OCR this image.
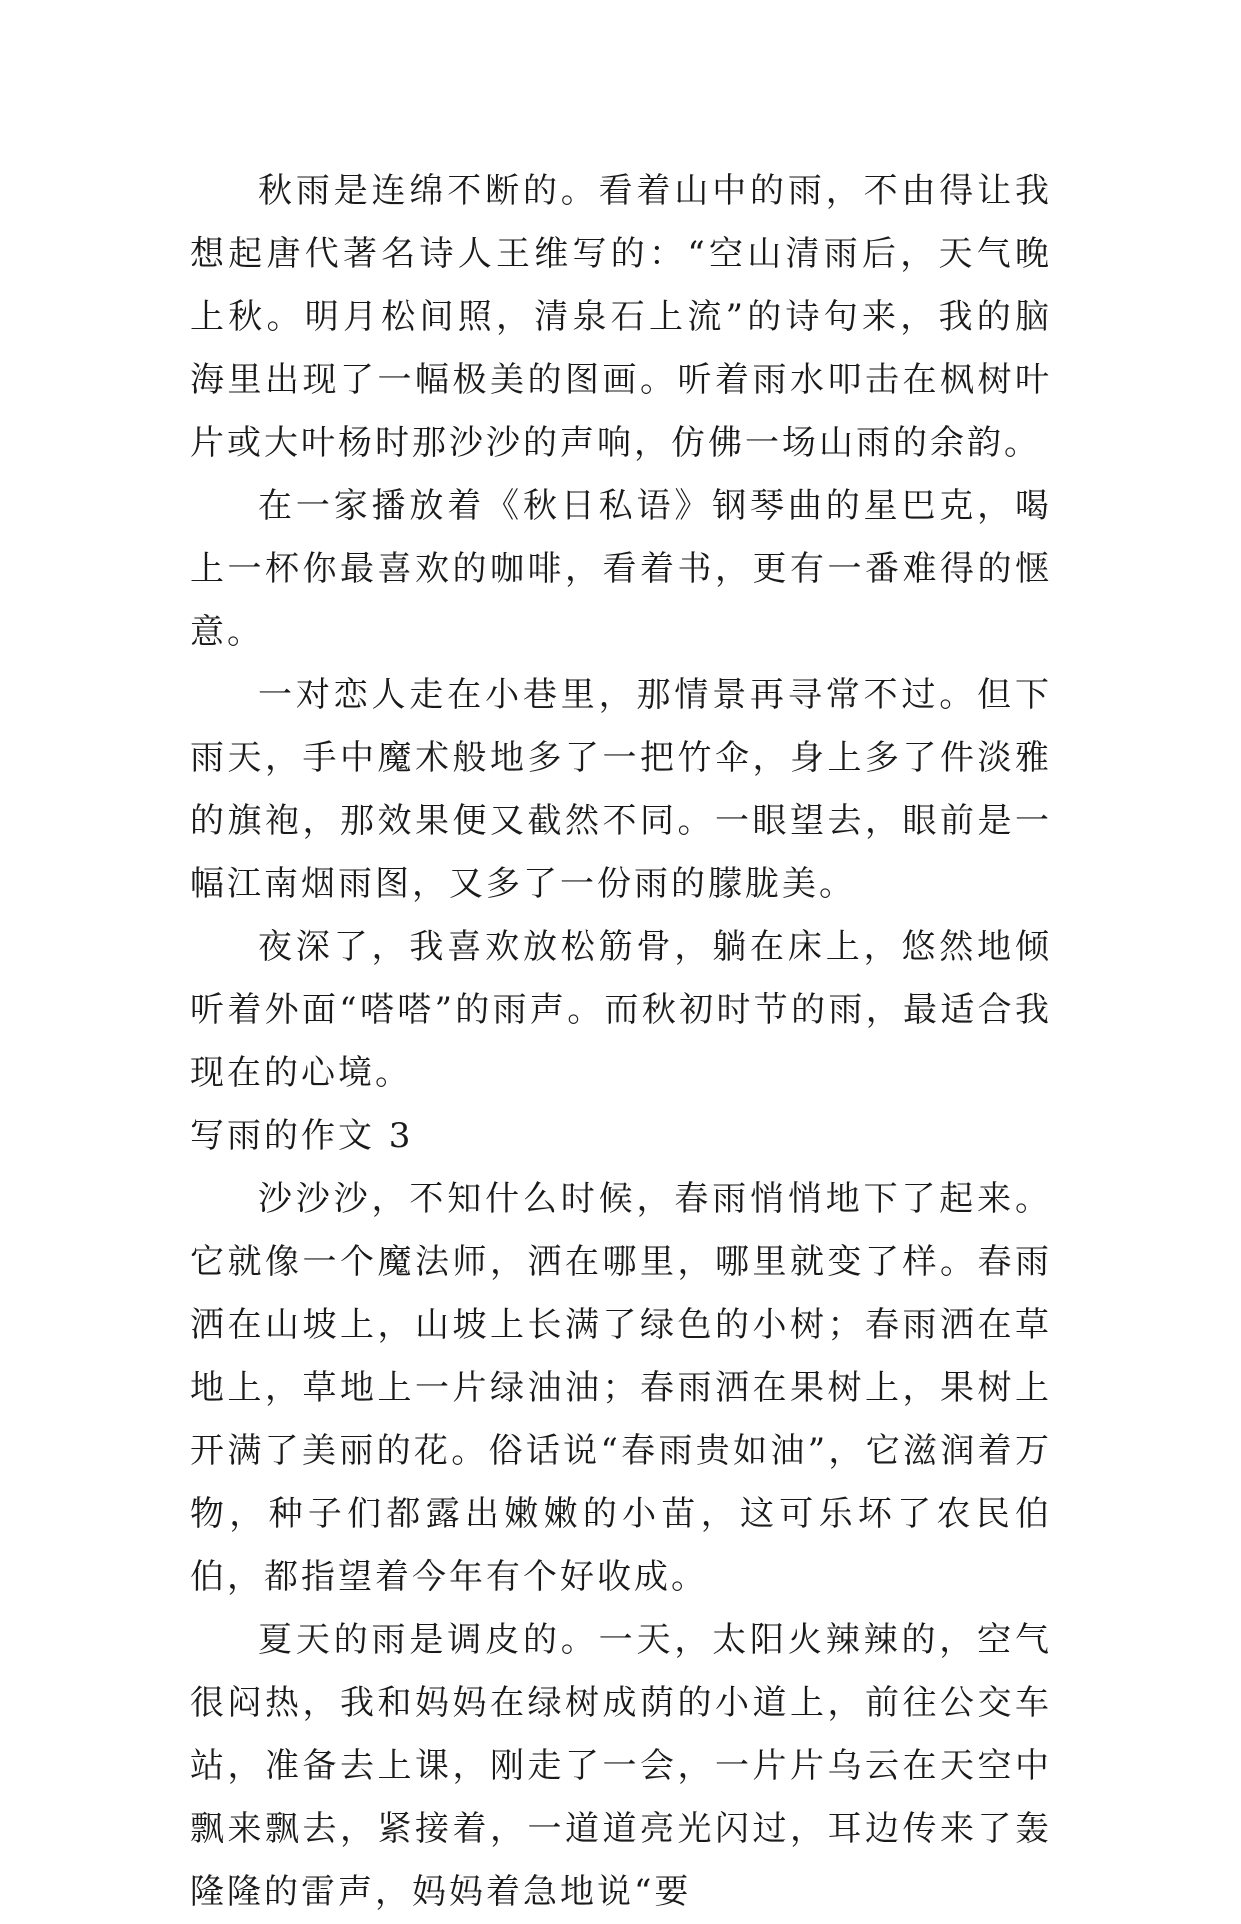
秋雨是连绵不断的。看着山中的雨，不由得让我想起唐代著名诗人王维写的：“空山清雨后，天气晚上秋。明月松间照，清泉石上流”的诗句来，我的脑海里出现了一幅极美的图画。听着雨水叩击在枫树叶片或大叶杨时那沙沙的声响，仿佛一场山雨的余韵。

在一家播放着《秋日私语》钢琴曲的星巴克，喝上一杯你最喜欢的咖啡，看着书，更有一番难得的惬意。

一对恋人走在小巷里，那情景再寻常不过。但下雨天，手中魔术般地多了一把竹伞，身上多了件淡雅的旗袍，那效果便又截然不同。一眼望去，眼前是一幅江南烟雨图，又多了一份雨的朦胧美。

夜深了，我喜欢放松筋骨，躺在床上，悠然地倾听着外面“嗒嗒”的雨声。而秋初时节的雨，最适合我现在的心境。

写雨的作文 3

沙沙沙，不知什么时候，春雨悄悄地下了起来。它就像一个魔法师，洒在哪里，哪里就变了样。春雨洒在山坡上，山坡上长满了绿色的小树；春雨洒在草地上，草地上一片绿油油；春雨洒在果树上，果树上开满了美丽的花。俗话说“春雨贵如油”，它滋润着万物，种子们都露出嫩嫩的小苗，这可乐坏了农民伯伯，都指望着今年有个好收成。

夏天的雨是调皮的。一天，太阳火辣辣的，空气很闷热，我和妈妈在绿树成荫的小道上，前往公交车站，准备去上课，刚走了一会，一片片乌云在天空中飘来飘去，紧接着，一道道亮光闪过，耳边传来了轰隆隆的雷声，妈妈着急地说“要
